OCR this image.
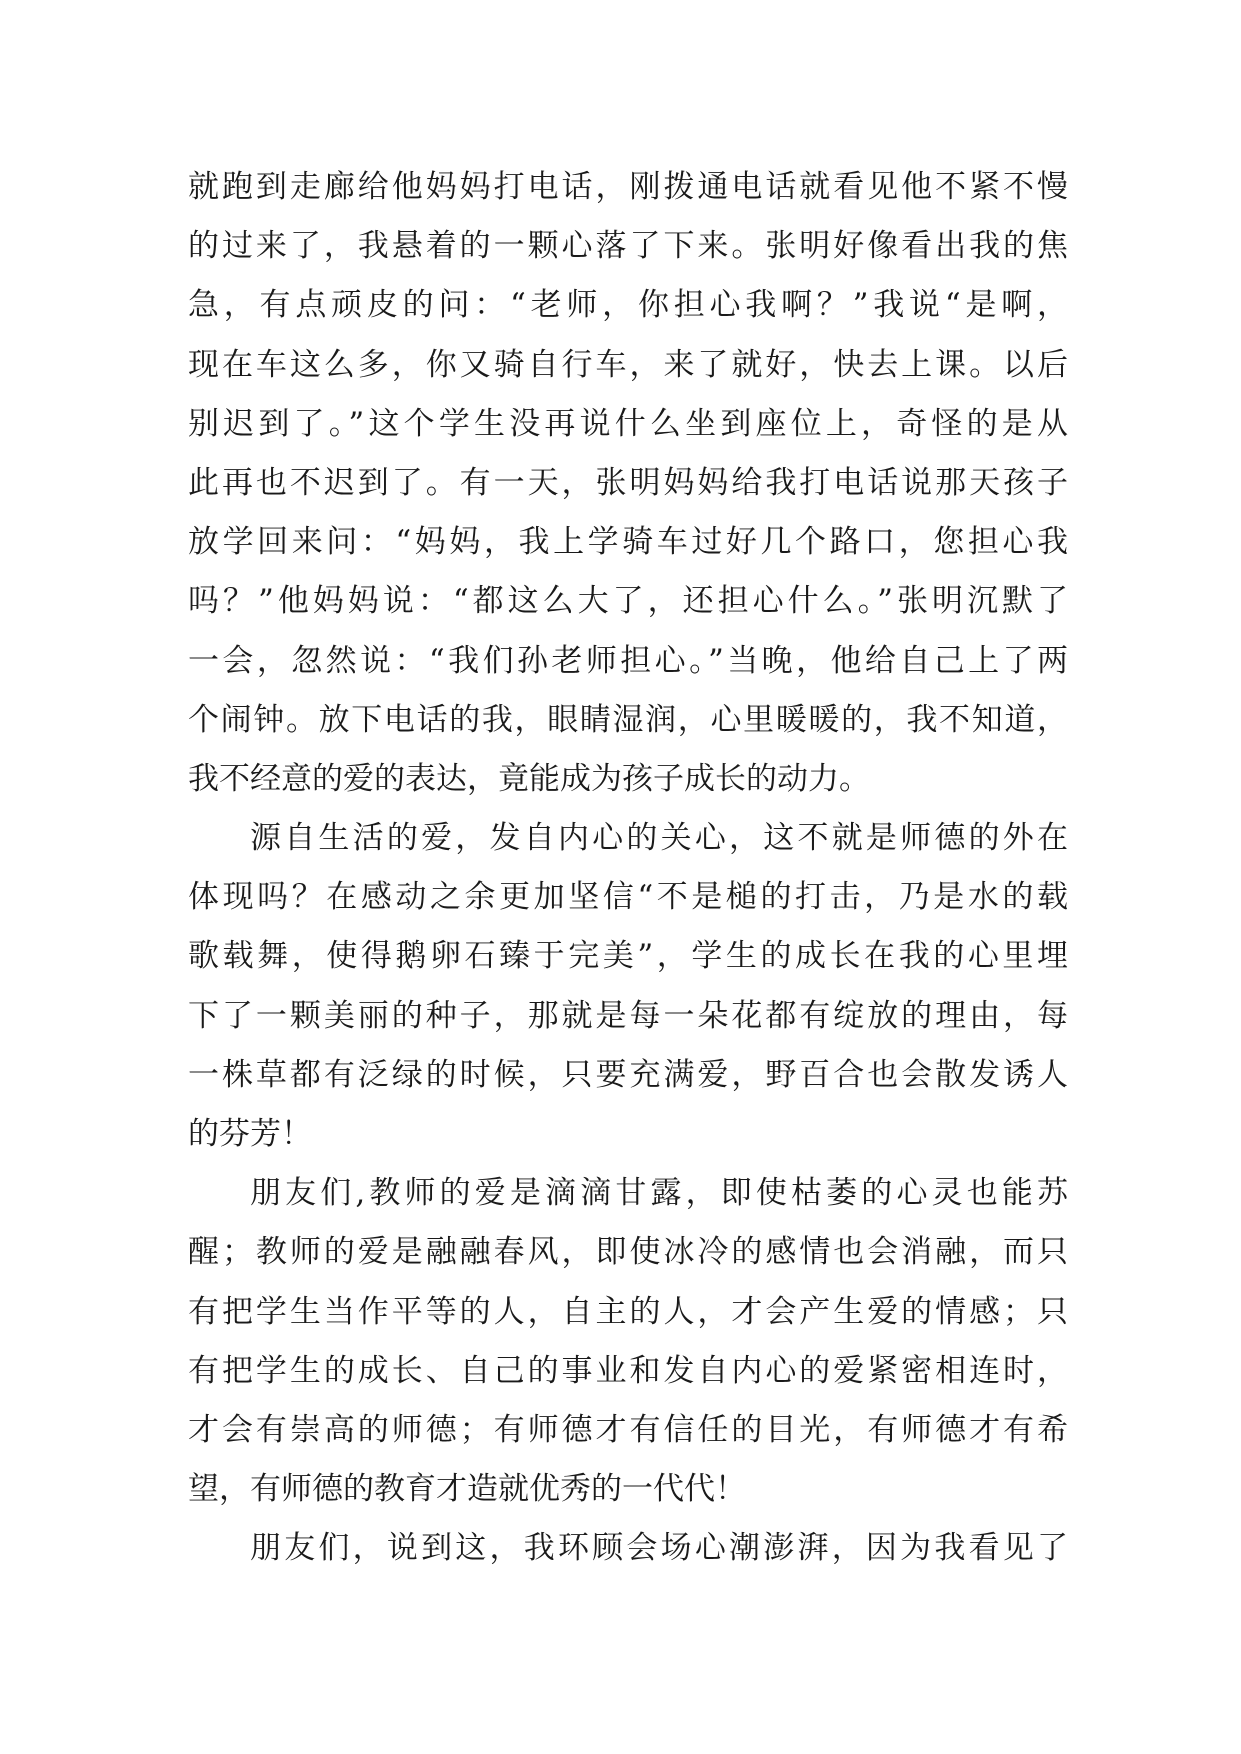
就跑到走廊给他妈妈打电话，刚拨通电话就看见他不紧不慢
的过来了，我悬着的一颗心落了下来。张明好像看出我的焦
急，有点顽皮的问：“老师，你担心我啊？”我说“是啊，
现在车这么多，你又骑自行车，来了就好，快去上课。以后
别迟到了。”这个学生没再说什么坐到座位上，奇怪的是从
此再也不迟到了。有一天，张明妈妈给我打电话说那天孩子
放学回来问：“妈妈，我上学骑车过好几个路口，您担心我
吗？”他妈妈说：“都这么大了，还担心什么。”张明沉默了
一会，忽然说：“我们孙老师担心。”当晚，他给自己上了两
个闹钟。放下电话的我，眼睛湿润，心里暖暖的，我不知道，
我不经意的爱的表达，竟能成为孩子成长的动力。
源自生活的爱，发自内心的关心，这不就是师德的外在
体现吗？在感动之余更加坚信“不是槌的打击，乃是水的载
歌载舞，使得鹅卵石臻于完美”，学生的成长在我的心里埋
下了一颗美丽的种子，那就是每一朵花都有绽放的理由，每
一株草都有泛绿的时候，只要充满爱，野百合也会散发诱人
的芬芳！
朋友们,教师的爱是滴滴甘露，即使枯萎的心灵也能苏
醒；教师的爱是融融春风，即使冰冷的感情也会消融，而只
有把学生当作平等的人，自主的人，才会产生爱的情感；只
有把学生的成长、自己的事业和发自内心的爱紧密相连时，
才会有崇高的师德；有师德才有信任的目光，有师德才有希
望，有师德的教育才造就优秀的一代代！
朋友们，说到这，我环顾会场心潮澎湃，因为我看见了
